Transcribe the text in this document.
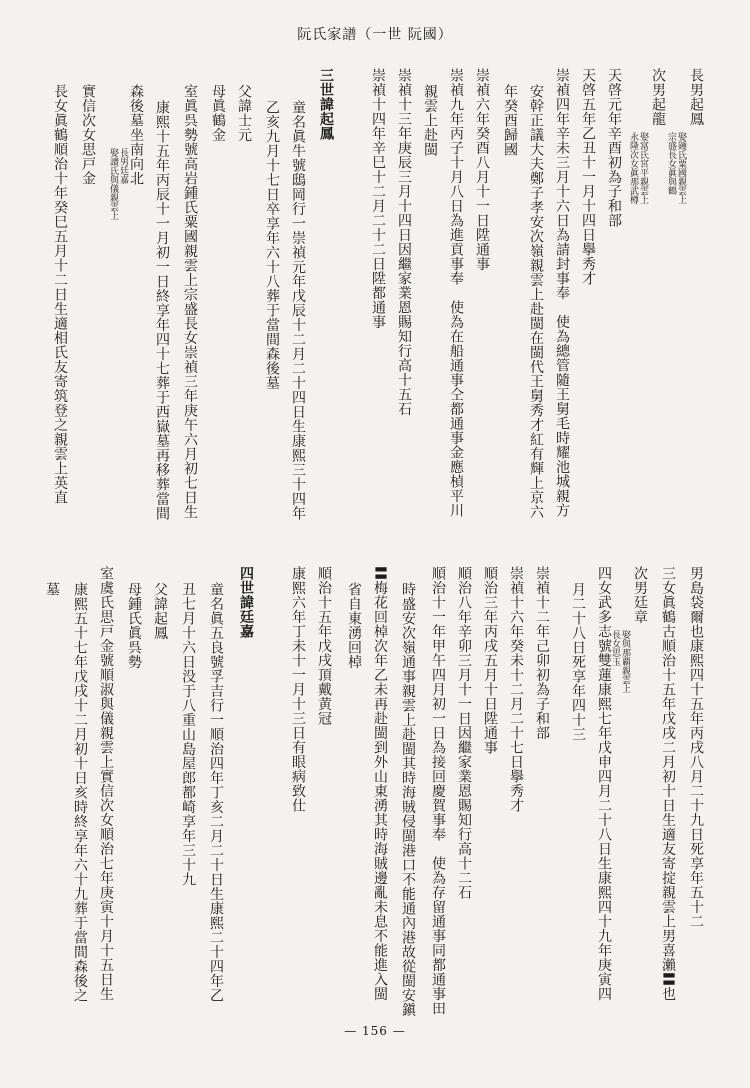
阮氏家譜（一世 阮國）
長男起鳳
娶鍾氏粟國親雲上
宗盛長女眞與鶴
次男起龍
娶富氏宮平親雲上
永隆次女眞那武樽
天啓元年辛酉初為子和部
天啓五年乙丑十一月十四日擧秀才
崇禎四年辛未三月十六日為請封事奉　使為總管隨王舅毛時耀池城親方
安幹正議大夫鄭子孝安次嶺親雲上赴閩在閩代王舅秀才紅有輝上京六
年癸酉歸國
崇禎六年癸酉八月十一日陞通事
崇禎九年丙子十月八日為進貢事奉　使為在船通事仝都通事金應楨平川
親雲上赴閩
崇禎十三年庚辰三月十四日因繼家業恩賜知行高十五石
崇禎十四年辛巳十二月二十二日陞都通事
三世諱起鳳
童名眞牛號鴟岡行一崇禎元年戊辰十二月二十四日生康熙三十四年
乙亥九月十七日卒享年六十八葬于當間森後墓
父諱士元
母眞鶴金
室眞呉勢號高岩鍾氏粟國親雲上宗盛長女崇禎三年庚午六月初七日生
康熙十五年丙辰十一月初一日終享年四十七葬于西嶽墓再移葬當間
森後墓坐南向北
長男廷嘉
娶讀氏與儀親雲上
實信次女思戸金
長女眞鶴順治十年癸巳五月十二日生適相氏友寄筑登之親雲上英直
男島袋爾也康熙四十五年丙戌八月二十九日死享年五十二
三女眞鶴古順治十五年戊戌二月初十日生適友寄掟親雲上男喜瀨〓也
次男廷章
娶與那覇親雲上
長女思玉
四女武多志號雙蓮康熙七年戊申四月二十八日生康熙四十九年庚寅四
月二十八日死享年四十三
崇禎十二年己卯初為子和部
崇禎十六年癸未十二月二十七日擧秀才
順治三年丙戌五月十日陞通事
順治八年辛卯三月十一日因繼家業恩賜知行高十二石
順治十一年甲午四月初一日為接回慶賀事奉　使為存留通事同都通事田
時盛安次嶺通事親雲上赴閩其時海賊侵閩港口不能通內港故從閩安鎭
〓梅花回棹次年乙未再赴閩到外山東湧其時海賊邊亂未息不能進入閩
省自東湧回棹
順治十五年戊戌頂戴黄冠
康熙六年丁未十一月十三日有眼病致仕
四世諱廷嘉
童名眞五良號孚吉行一順治四年丁亥二月二十日生康熙二十四年乙
丑七月十六日没于八重山島屋郎都崎享年三十九
父諱起鳳
母鍾氏眞呉勢
室虞氏思戸金號順淑與儀親雲上實信次女順治七年庚寅十月十五日生
康熙五十七年戊戌十二月初十日亥時終享年六十九葬于當間森後之
墓
— 156 —
